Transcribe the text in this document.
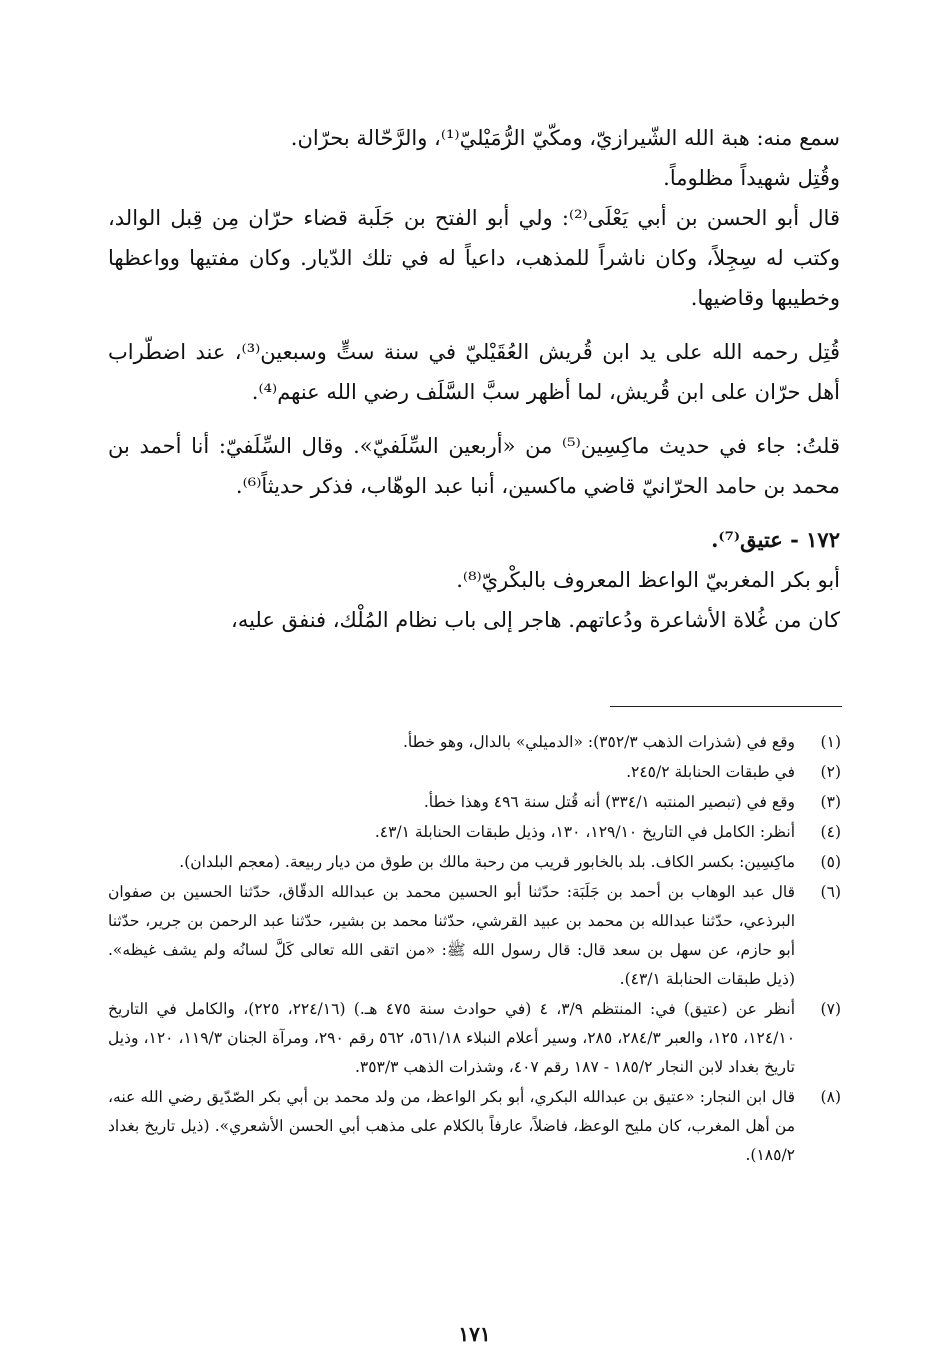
سمع منه: هبة الله الشّيرازيّ، ومكّيّ الرُّمَيْليّ⁽¹⁾، والرَّحّالة بحرّان.

وقُتِل شهيداً مظلوماً.

قال أبو الحسن بن أبي يَعْلَى⁽²⁾: ولي أبو الفتح بن جَلَبة قضاء حرّان مِن قِبل الوالد، وكتب له سِجِلاً، وكان ناشراً للمذهب، داعياً له في تلك الدّيار. وكان مفتيها وواعظها وخطيبها وقاضيها.

قُتِل رحمه الله على يد ابن قُريش العُقَيْليّ في سنة ستٍّ وسبعين⁽³⁾، عند اضطّراب أهل حرّان على ابن قُريش، لما أظهر سبَّ السَّلَف رضي الله عنهم⁽⁴⁾.

قلتُ: جاء في حديث ماكِسِين⁽⁵⁾ من «أربعين السِّلَفيّ». وقال السِّلَفيّ: أنا أحمد بن محمد بن حامد الحرّانيّ قاضي ماكسين، أنبا عبد الوهّاب، فذكر حديثاً⁽⁶⁾.

١٧٢ - عتيق⁽⁷⁾.

أبو بكر المغربيّ الواعظ المعروف بالبكْريّ⁽⁸⁾.

كان من غُلاة الأشاعرة ودُعاتهم. هاجر إلى باب نظام المُلْك، فنفق عليه،

(١)
وقع في (شذرات الذهب ٣٥٢/٣): «الدميلي» بالدال، وهو خطأ.
(٢)
في طبقات الحنابلة ٢٤٥/٢.
(٣)
وقع في (تبصير المنتبه ٣٣٤/١) أنه قُتل سنة ٤٩٦ وهذا خطأ.
(٤)
أنظر: الكامل في التاريخ ١٢٩/١٠، ١٣٠، وذيل طبقات الحنابلة ٤٣/١.
(٥)
ماكِسِين: بكسر الكاف. بلد بالخابور قريب من رحبة مالك بن طوق من ديار ربيعة. (معجم البلدان).
(٦)
قال عبد الوهاب بن أحمد بن جَلَبَة: حدّثنا أبو الحسين محمد بن عبدالله الدقّاق، حدّثنا الحسين بن صفوان البرذعي، حدّثنا عبدالله بن محمد بن عبيد القرشي، حدّثنا محمد بن بشير، حدّثنا عبد الرحمن بن جرير، حدّثنا أبو حازم، عن سهل بن سعد قال: قال رسول الله ﷺ: «من اتقى الله تعالى كَلَّ لسانُه ولم يشف غيظه». (ذيل طبقات الحنابلة ٤٣/١).
(٧)
أنظر عن (عتيق) في: المنتظم ٣/٩، ٤ (في حوادث سنة ٤٧٥ هـ.) (٢٢٤/١٦، ٢٢٥)، والكامل في التاريخ ١٢٤/١٠، ١٢٥، والعبر ٢٨٤/٣، ٢٨٥، وسير أعلام النبلاء ٥٦١/١٨، ٥٦٢ رقم ٢٩٠، ومرآة الجنان ١١٩/٣، ١٢٠، وذيل تاريخ بغداد لابن النجار ١٨٥/٢ - ١٨٧ رقم ٤٠٧، وشذرات الذهب ٣٥٣/٣.
(٨)
قال ابن النجار: «عتيق بن عبدالله البكري، أبو بكر الواعظ، من ولد محمد بن أبي بكر الصّدّيق رضي الله عنه، من أهل المغرب، كان مليح الوعظ، فاضلاً، عارفاً بالكلام على مذهب أبي الحسن الأشعري». (ذيل تاريخ بغداد ١٨٥/٢).
١٧١
